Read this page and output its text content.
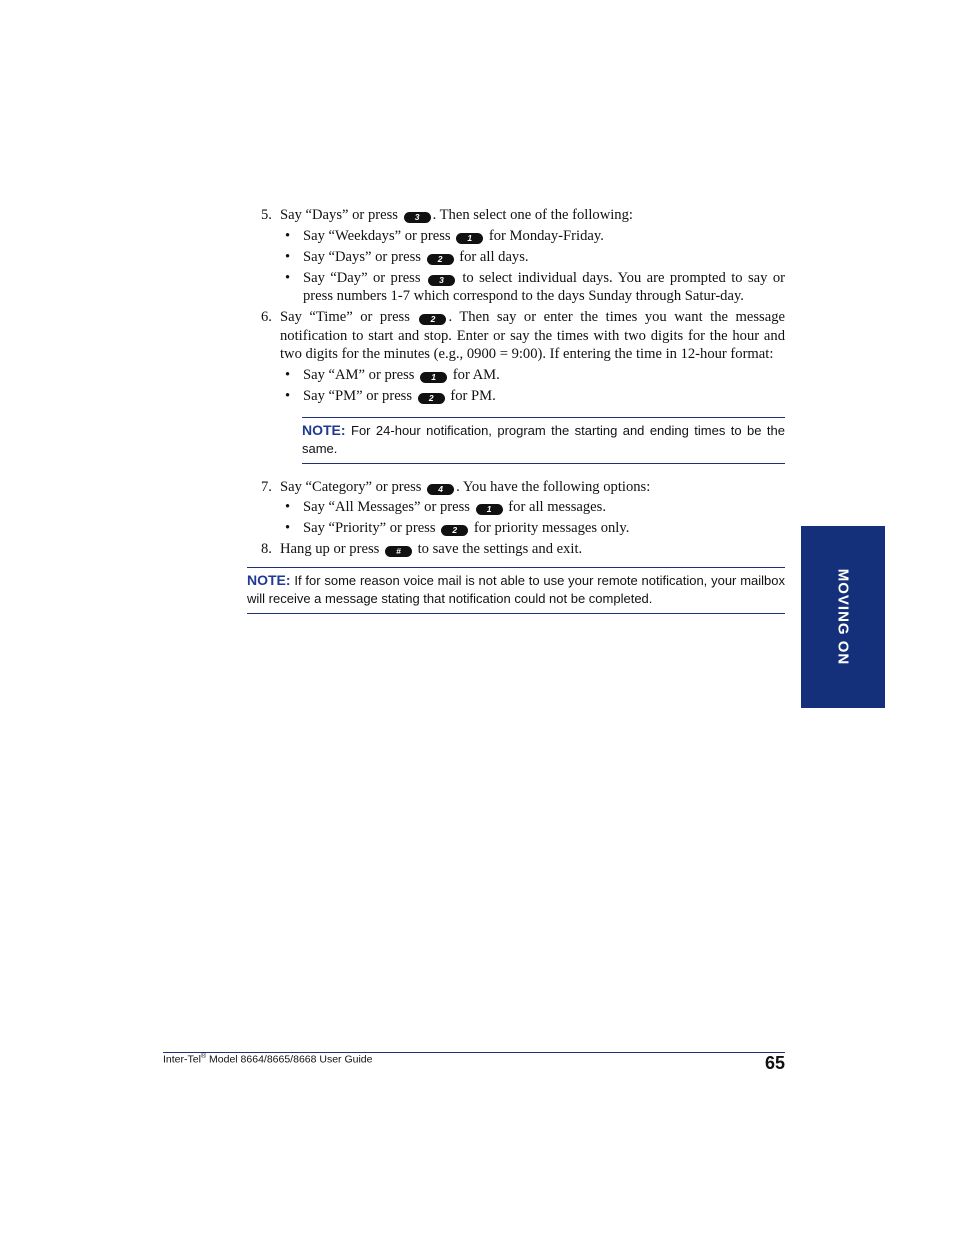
5. Say “Days” or press 3 . Then select one of the following:
• Say “Weekdays” or press 1 for Monday-Friday.
• Say “Days” or press 2 for all days.
• Say “Day” or press 3 to select individual days. You are prompted to say or press numbers 1-7 which correspond to the days Sunday through Satur-day.
6. Say “Time” or press 2 . Then say or enter the times you want the message notification to start and stop. Enter or say the times with two digits for the hour and two digits for the minutes (e.g., 0900 = 9:00). If entering the time in 12-hour format:
• Say “AM” or press 1 for AM.
• Say “PM” or press 2 for PM.
NOTE: For 24-hour notification, program the starting and ending times to be the same.
7. Say “Category” or press 4 . You have the following options:
• Say “All Messages” or press 1 for all messages.
• Say “Priority” or press 2 for priority messages only.
8. Hang up or press # to save the settings and exit.
NOTE: If for some reason voice mail is not able to use your remote notification, your mailbox will receive a message stating that notification could not be completed.	MOVING ON
Inter-Tel® Model 8664/8665/8668 User Guide	65
